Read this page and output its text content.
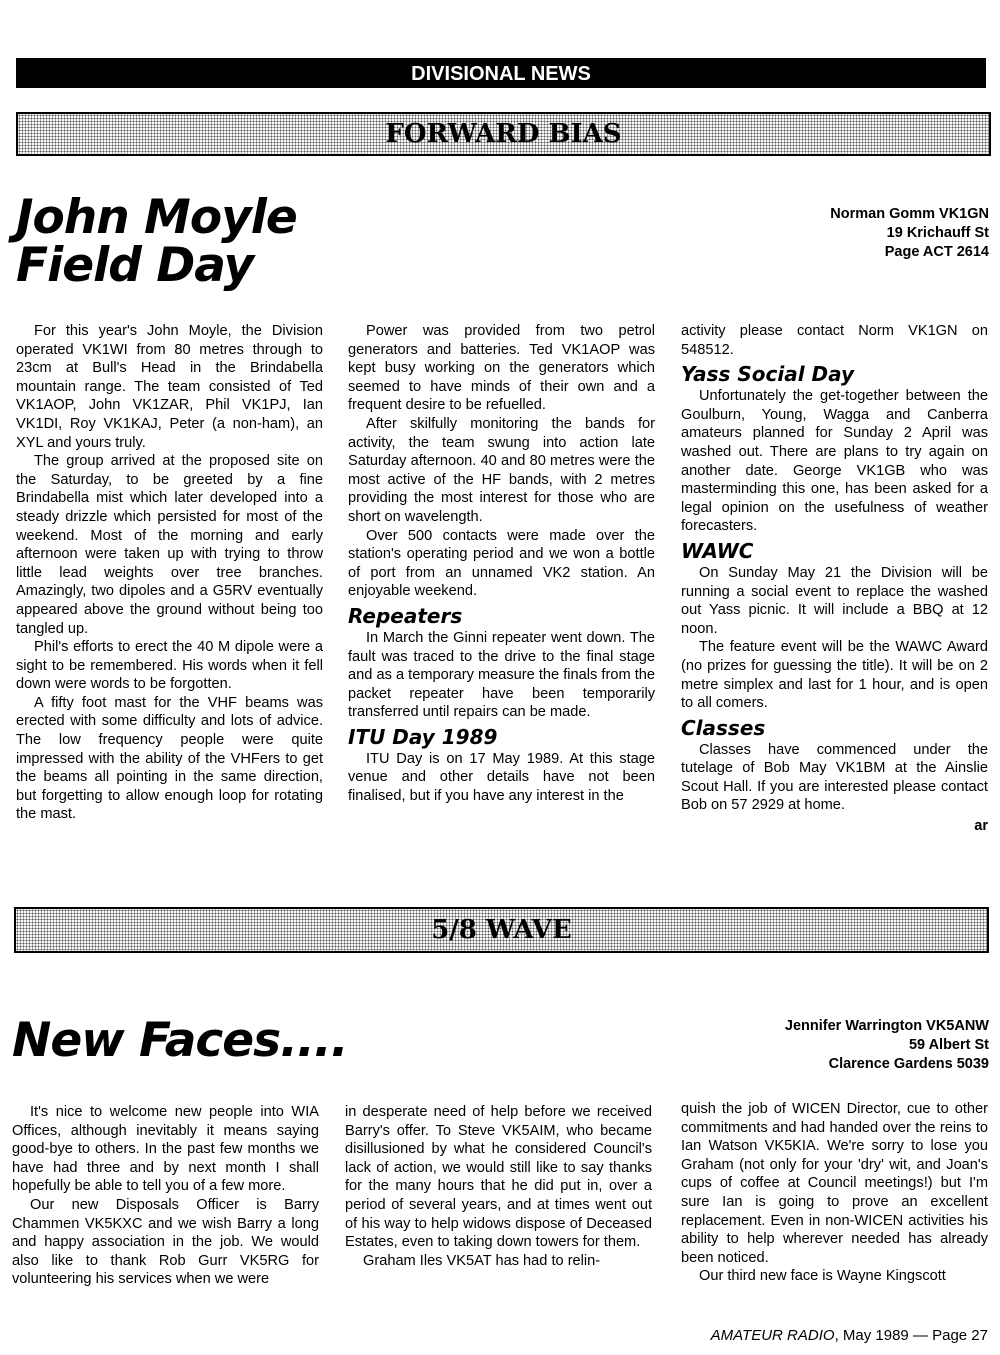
DIVISIONAL NEWS
FORWARD BIAS
John Moyle
Field Day
Norman Gomm VK1GN
19 Krichauff St
Page ACT 2614

For this year's John Moyle, the Division operated VK1WI from 80 metres through to 23cm at Bull's Head in the Brindabella mountain range. The team consisted of Ted VK1AOP, John VK1ZAR, Phil VK1PJ, Ian VK1DI, Roy VK1KAJ, Peter (a non-ham), an XYL and yours truly.

The group arrived at the proposed site on the Saturday, to be greeted by a fine Brindabella mist which later developed into a steady drizzle which persisted for most of the weekend. Most of the morning and early afternoon were taken up with trying to throw little lead weights over tree branches. Amazingly, two dipoles and a G5RV eventually appeared above the ground without being too tangled up.

Phil's efforts to erect the 40 M dipole were a sight to be remembered. His words when it fell down were words to be forgotten.

A fifty foot mast for the VHF beams was erected with some difficulty and lots of advice. The low frequency people were quite impressed with the ability of the VHFers to get the beams all pointing in the same direction, but forgetting to allow enough loop for rotating the mast.

Power was provided from two petrol generators and batteries. Ted VK1AOP was kept busy working on the generators which seemed to have minds of their own and a frequent desire to be refuelled.

After skilfully monitoring the bands for activity, the team swung into action late Saturday afternoon. 40 and 80 metres were the most active of the HF bands, with 2 metres providing the most interest for those who are short on wavelength.

Over 500 contacts were made over the station's operating period and we won a bottle of port from an unnamed VK2 station. An enjoyable weekend.

Repeaters

In March the Ginni repeater went down. The fault was traced to the drive to the final stage and as a temporary measure the finals from the packet repeater have been temporarily transferred until repairs can be made.

ITU Day 1989

ITU Day is on 17 May 1989. At this stage venue and other details have not been finalised, but if you have any interest in the

activity please contact Norm VK1GN on 548512.

Yass Social Day

Unfortunately the get-together between the Goulburn, Young, Wagga and Canberra amateurs planned for Sunday 2 April was washed out. There are plans to try again on another date. George VK1GB who was masterminding this one, has been asked for a legal opinion on the usefulness of weather forecasters.

WAWC

On Sunday May 21 the Division will be running a social event to replace the washed out Yass picnic. It will include a BBQ at 12 noon.

The feature event will be the WAWC Award (no prizes for guessing the title). It will be on 2 metre simplex and last for 1 hour, and is open to all comers.

Classes

Classes have commenced under the tutelage of Bob May VK1BM at the Ainslie Scout Hall. If you are interested please contact Bob on 57 2929 at home.

ar
5/8 WAVE
New Faces....	Jennifer Warrington VK5ANW
59 Albert St
Clarence Gardens 5039

It's nice to welcome new people into WIA Offices, although inevitably it means saying good-bye to others. In the past few months we have had three and by next month I shall hopefully be able to tell you of a few more.

Our new Disposals Officer is Barry Chammen VK5KXC and we wish Barry a long and happy association in the job. We would also like to thank Rob Gurr VK5RG for volunteering his services when we were

in desperate need of help before we received Barry's offer. To Steve VK5AIM, who became disillusioned by what he considered Council's lack of action, we would still like to say thanks for the many hours that he did put in, over a period of several years, and at times went out of his way to help widows dispose of Deceased Estates, even to taking down towers for them.

Graham Iles VK5AT has had to relin-

quish the job of WICEN Director, cue to other commitments and had handed over the reins to Ian Watson VK5KIA. We're sorry to lose you Graham (not only for your 'dry' wit, and Joan's cups of coffee at Council meetings!) but I'm sure Ian is going to prove an excellent replacement. Even in non-WICEN activities his ability to help wherever needed has already been noticed.

Our third new face is Wayne Kingscott

AMATEUR RADIO, May 1989 — Page 27
